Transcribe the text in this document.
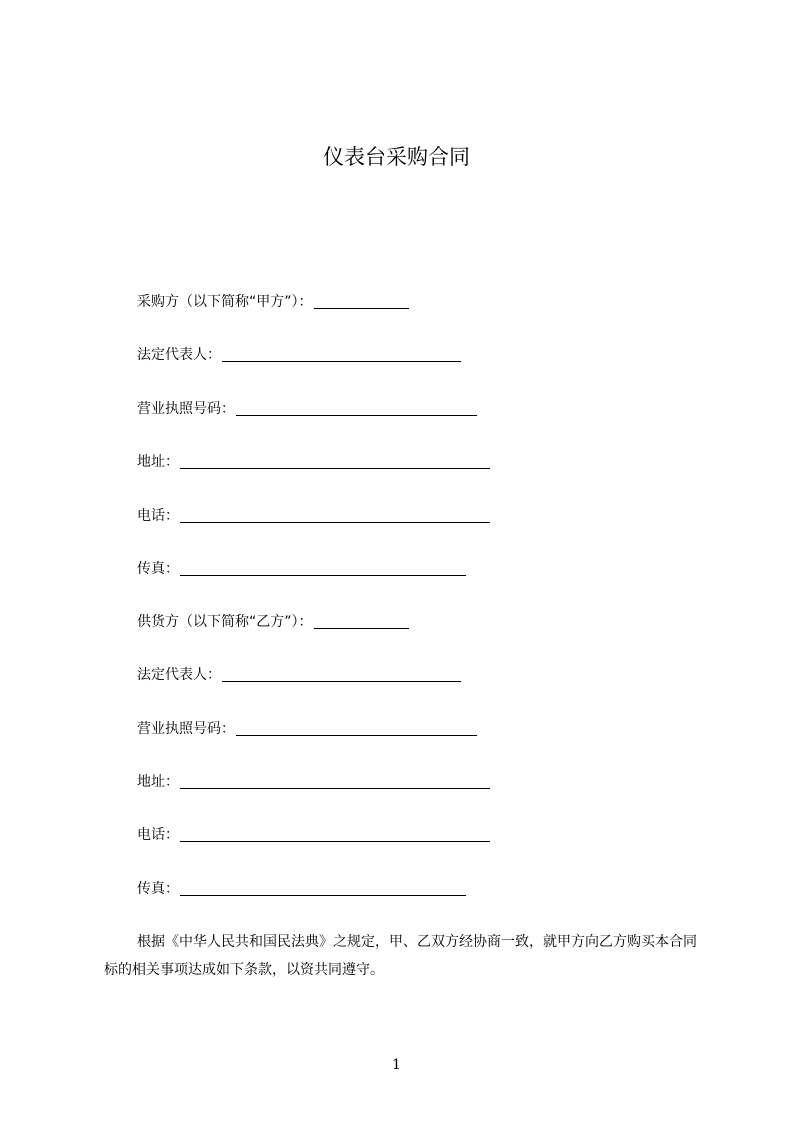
仪表台采购合同
采购方（以下简称“甲方”）：
法定代表人：
营业执照号码：
地址：
电话：
传真：
供货方（以下简称“乙方”）：
法定代表人：
营业执照号码：
地址：
电话：
传真：

根据《中华人民共和国民法典》之规定，甲、乙双方经协商一致，就甲方向乙方购买本合同标的相关事项达成如下条款，以资共同遵守。

1
